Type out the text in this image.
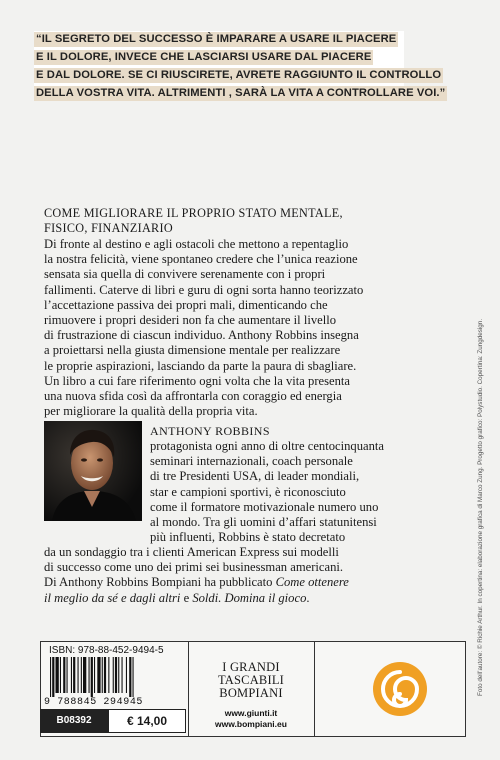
“IL SEGRETO DEL SUCCESSO È IMPARARE A USARE IL PIACERE
E IL DOLORE, INVECE CHE LASCIARSI USARE DAL PIACERE
E DAL DOLORE. SE CI RIUSCIRETE, AVRETE RAGGIUNTO IL CONTROLLO
DELLA VOSTRA VITA. ALTRIMENTI , SARÀ LA VITA A CONTROLLARE VOI.”
COME MIGLIORARE IL PROPRIO STATO MENTALE,
FISICO, FINANZIARIO
Di fronte al destino e agli ostacoli che mettono a repentaglio
la nostra felicità, viene spontaneo credere che l’unica reazione
sensata sia quella di convivere serenamente con i propri
fallimenti. Caterve di libri e guru di ogni sorta hanno teorizzato
l’accettazione passiva dei propri mali, dimenticando che
rimuovere i propri desideri non fa che aumentare il livello
di frustrazione di ciascun individuo. Anthony Robbins insegna
a proiettarsi nella giusta dimensione mentale per realizzare
le proprie aspirazioni, lasciando da parte la paura di sbagliare.
Un libro a cui fare riferimento ogni volta che la vita presenta
una nuova sfida così da affrontarla con coraggio ed energia
per migliorare la qualità della propria vita.
ANTHONY ROBBINS
protagonista ogni anno di oltre centocinquanta
seminari internazionali, coach personale
di tre Presidenti USA, di leader mondiali,
star e campioni sportivi, è riconosciuto
come il formatore motivazionale numero uno
al mondo. Tra gli uomini d’affari statunitensi
più influenti, Robbins è stato decretato
da un sondaggio tra i clienti American Express sui modelli
di successo come uno dei primi sei businessman americani.
Di Anthony Robbins Bompiani ha pubblicato Come ottenere
il meglio da sé e dagli altri e Soldi. Domina il gioco.	Foto dell’autore: © Richie Arthur. In copertina: elaborazione grafica di Marco Zung. Progetto grafico: Polystudio. Copertina: Zungdesign.
ISBN: 978-88-452-9494-5
9 788845 294945
B08392	€ 14,00
I GRANDI
TASCABILI
BOMPIANI
www.giunti.it
www.bompiani.eu
